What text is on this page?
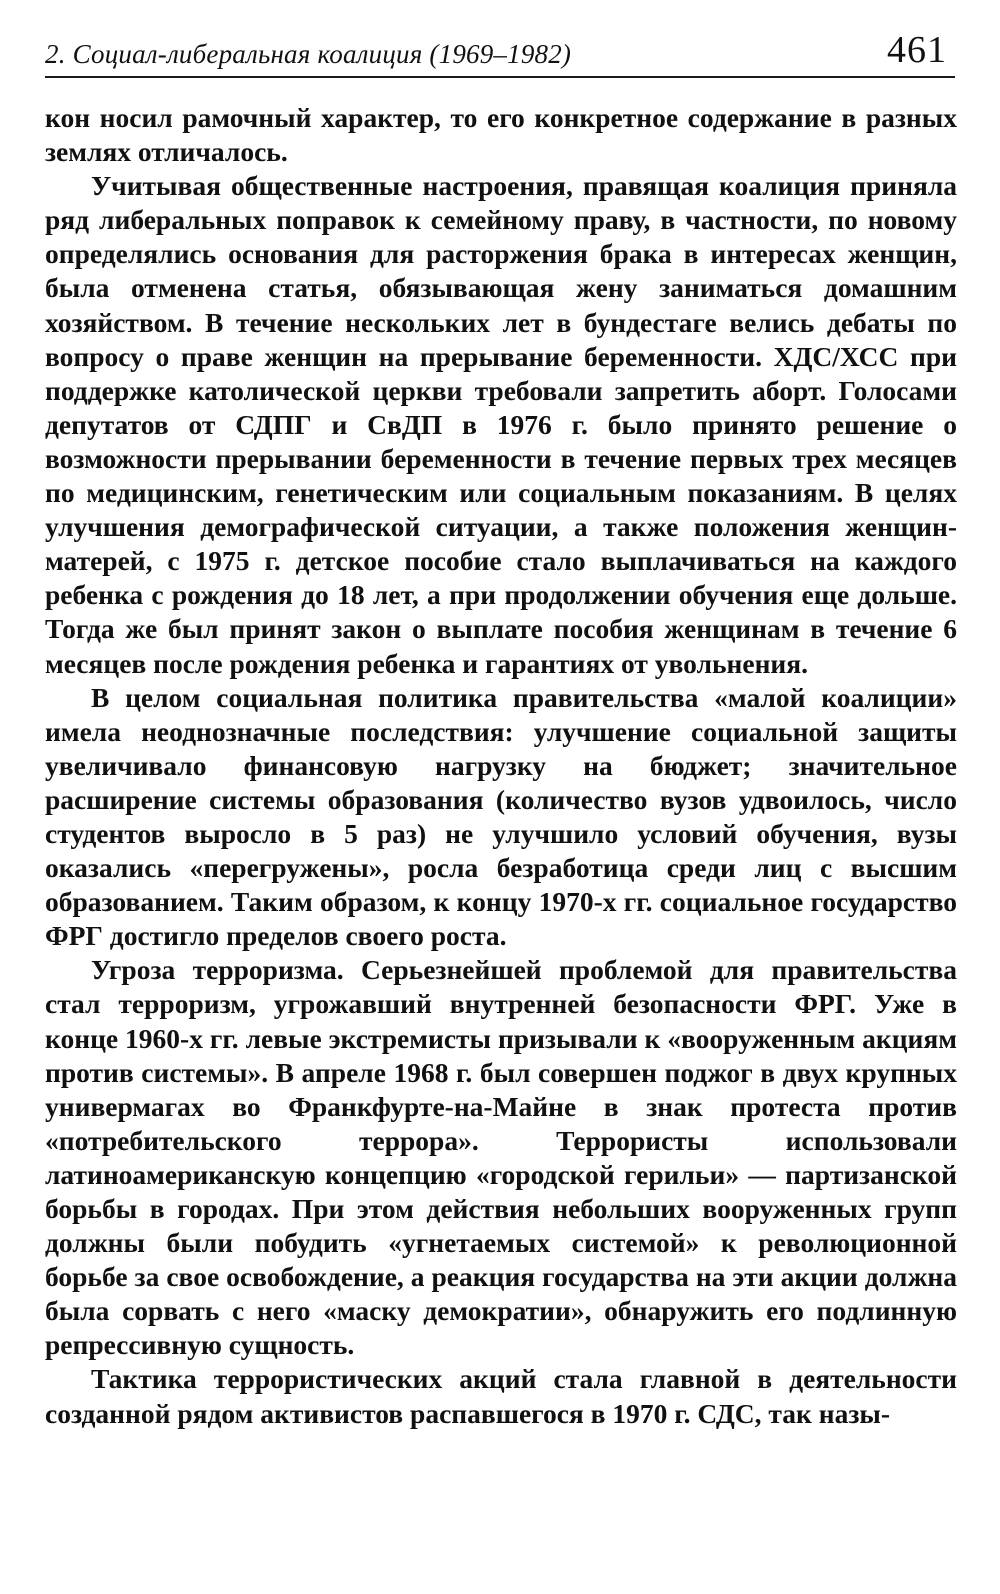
2. Социал-либеральная коалиция (1969–1982)	461

кон носил рамочный характер, то его конкретное содержание в разных землях отличалось.

Учитывая общественные настроения, правящая коалиция приняла ряд либеральных поправок к семейному праву, в частности, по новому определялись основания для расторжения брака в интересах женщин, была отменена статья, обязывающая жену заниматься домашним хозяйством. В течение нескольких лет в бундестаге велись дебаты по вопросу о праве женщин на прерывание беременности. ХДС/ХСС при поддержке католической церкви требовали запретить аборт. Голосами депутатов от СДПГ и СвДП в 1976 г. было принято решение о возможности прерывании беременности в течение первых трех месяцев по медицинским, генетическим или социальным показаниям. В целях улучшения демографической ситуации, а также положения женщин-матерей, с 1975 г. детское пособие стало выплачиваться на каждого ребенка с рождения до 18 лет, а при продолжении обучения еще дольше. Тогда же был принят закон о выплате пособия женщинам в течение 6 месяцев после рождения ребенка и гарантиях от увольнения.

В целом социальная политика правительства «малой коалиции» имела неоднозначные последствия: улучшение социальной защиты увеличивало финансовую нагрузку на бюджет; значительное расширение системы образования (количество вузов удвоилось, число студентов выросло в 5 раз) не улучшило условий обучения, вузы оказались «перегружены», росла безработица среди лиц с высшим образованием. Таким образом, к концу 1970-х гг. социальное государство ФРГ достигло пределов своего роста.

Угроза терроризма. Серьезнейшей проблемой для правительства стал терроризм, угрожавший внутренней безопасности ФРГ. Уже в конце 1960-х гг. левые экстремисты призывали к «вооруженным акциям против системы». В апреле 1968 г. был совершен поджог в двух крупных универмагах во Франкфурте-на-Майне в знак протеста против «потребительского террора». Террористы использовали латиноамериканскую концепцию «городской герильи» — партизанской борьбы в городах. При этом действия небольших вооруженных групп должны были побудить «угнетаемых системой» к революционной борьбе за свое освобождение, а реакция государства на эти акции должна была сорвать с него «маску демократии», обнаружить его подлинную репрессивную сущность.

Тактика террористических акций стала главной в деятельности созданной рядом активистов распавшегося в 1970 г. СДС, так назы-
